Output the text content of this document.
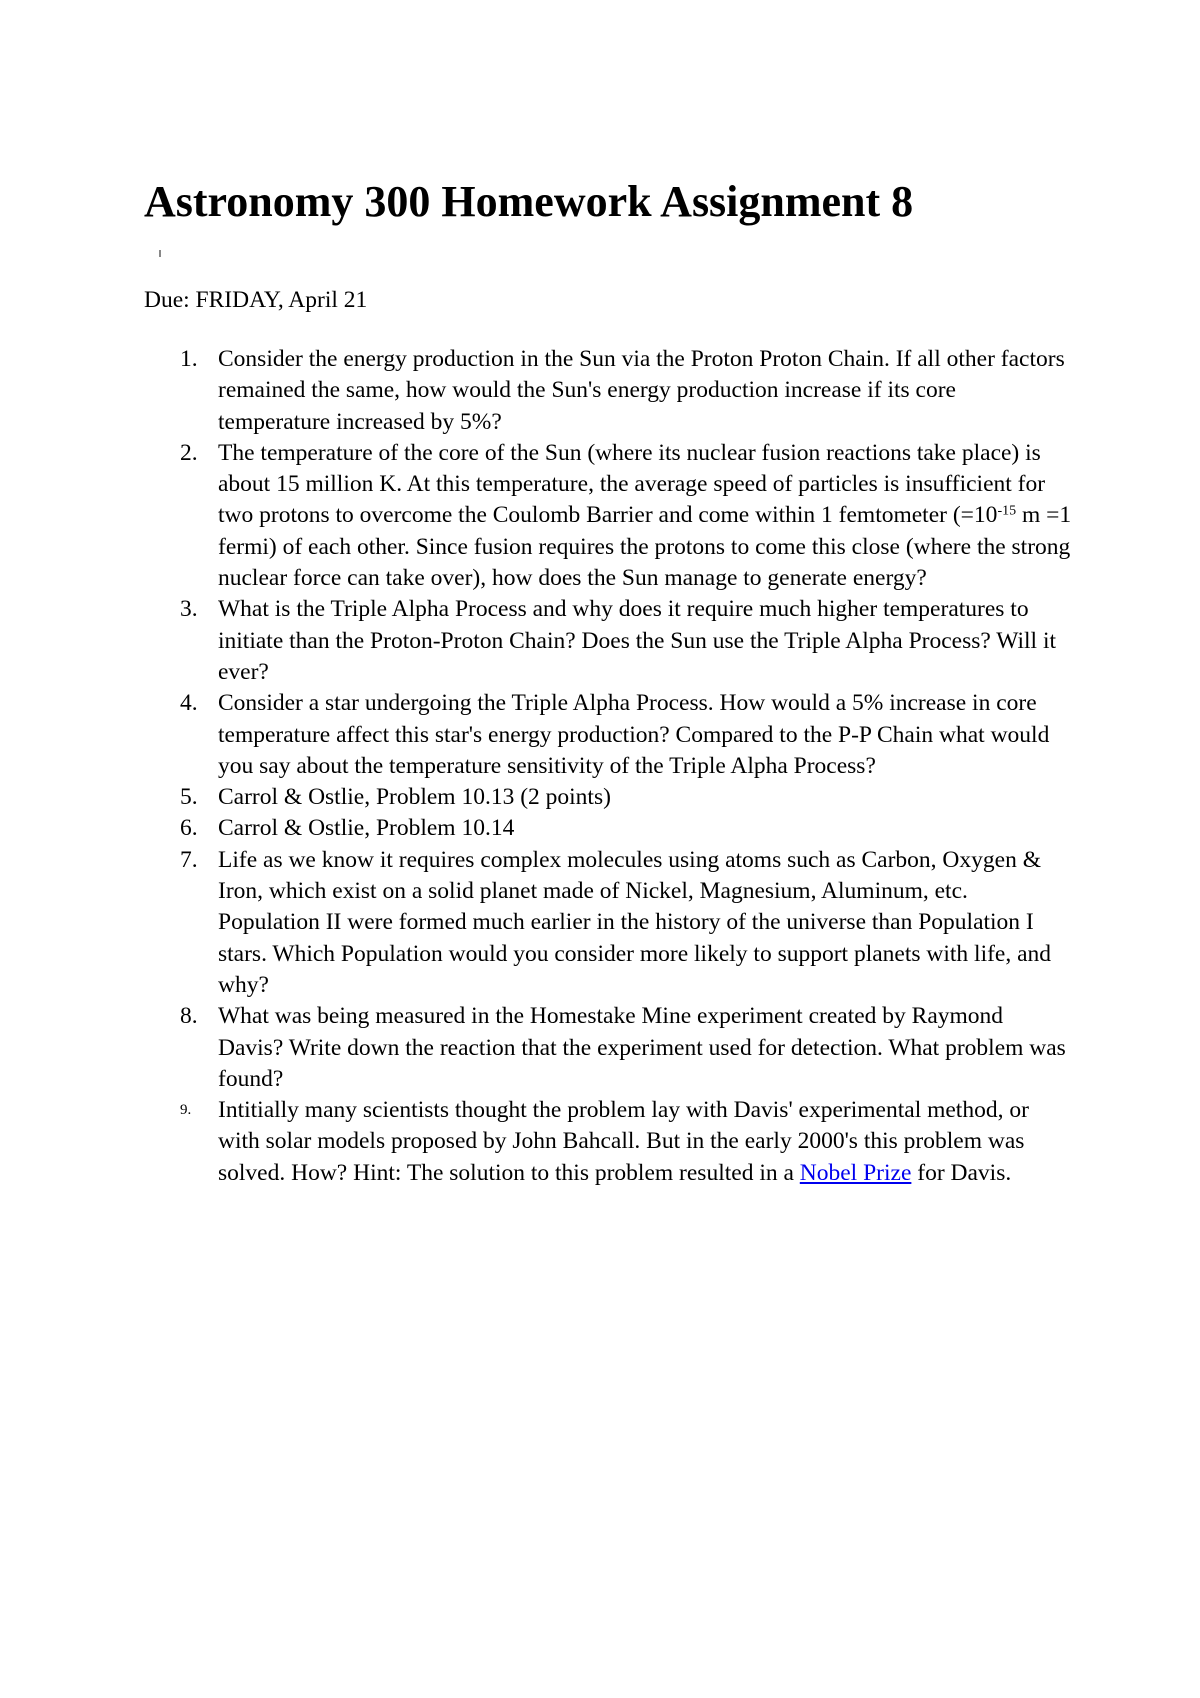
Astronomy 300 Homework Assignment 8

Due: FRIDAY, April 21

1. Consider the energy production in the Sun via the Proton Proton Chain. If all other factors remained the same, how would the Sun's energy production increase if its core temperature increased by 5%?
2. The temperature of the core of the Sun (where its nuclear fusion reactions take place) is about 15 million K. At this temperature, the average speed of particles is insufficient for two protons to overcome the Coulomb Barrier and come within 1 femtometer ($=10^{-15}$ m =1 fermi) of each other. Since fusion requires the protons to come this close (where the strong nuclear force can take over), how does the Sun manage to generate energy?
3. What is the Triple Alpha Process and why does it require much higher temperatures to initiate than the Proton-Proton Chain? Does the Sun use the Triple Alpha Process? Will it ever?
4. Consider a star undergoing the Triple Alpha Process. How would a 5% increase in core temperature affect this star's energy production? Compared to the P-P Chain what would you say about the temperature sensitivity of the Triple Alpha Process?
5. Carrol & Ostlie, Problem 10.13 (2 points)
6. Carrol & Ostlie, Problem 10.14
7. Life as we know it requires complex molecules using atoms such as Carbon, Oxygen & Iron, which exist on a solid planet made of Nickel, Magnesium, Aluminum, etc. Population II were formed much earlier in the history of the universe than Population I stars. Which Population would you consider more likely to support planets with life, and why?
8. What was being measured in the Homestake Mine experiment created by Raymond Davis? Write down the reaction that the experiment used for detection. What problem was found?
9.	Intitially many scientists thought the problem lay with Davis' experimental method, or with solar models proposed by John Bahcall. But in the early 2000's this problem was solved. How? Hint: The solution to this problem resulted in a Nobel Prize for Davis.
